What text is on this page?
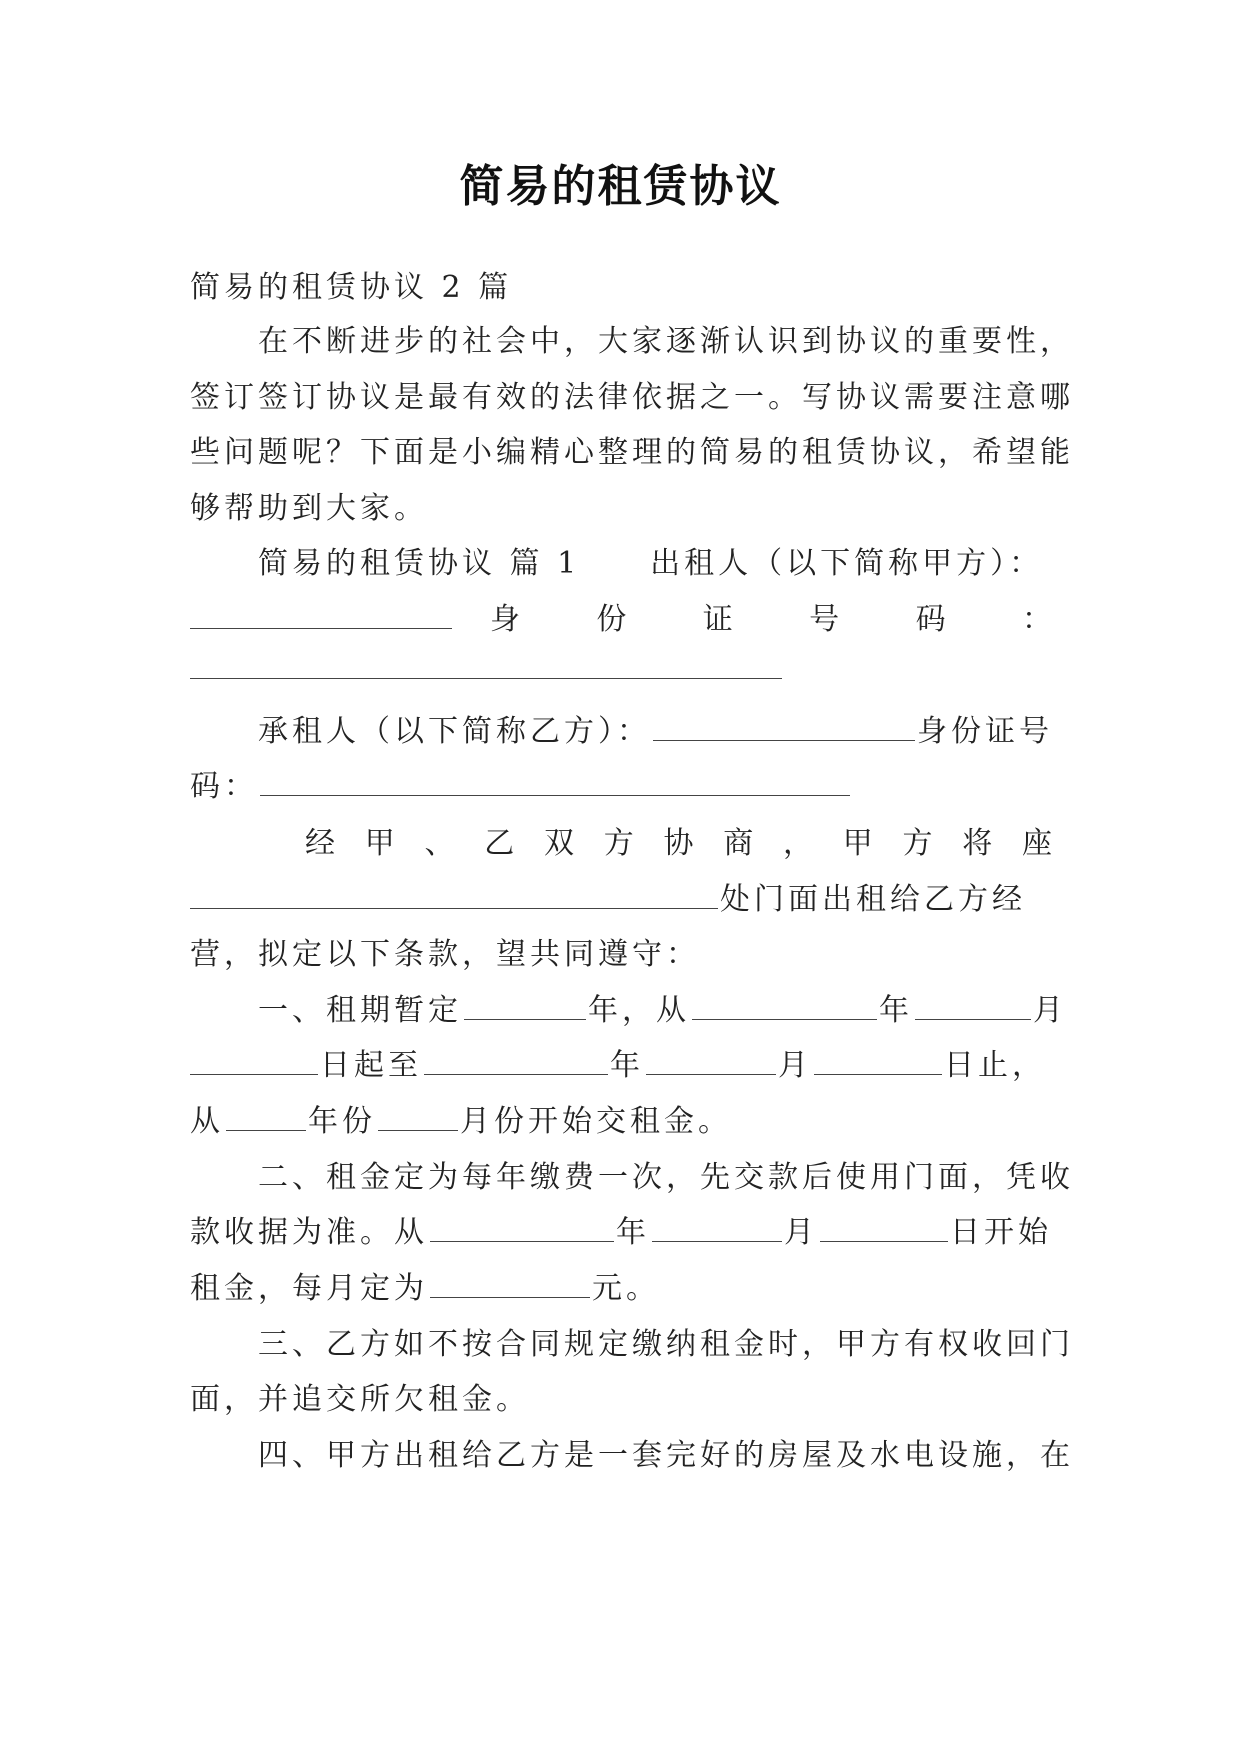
简易的租赁协议
简易的租赁协议 2 篇
在不断进步的社会中，大家逐渐认识到协议的重要性，
签订签订协议是最有效的法律依据之一。写协议需要注意哪
些问题呢？下面是小编精心整理的简易的租赁协议，希望能
够帮助到大家。
简易的租赁协议 篇 1 出租人（以下简称甲方）：
身	份	证	号	码	：
承租人（以下简称乙方）：	身份证号
码：
经 甲 、 乙 双 方 协 商 ， 甲 方 将 座
处门面出租给乙方经
营，拟定以下条款，望共同遵守：
一、租期暂定	年，从	年	月
日起至	年	月	日止，
从	年份	月份开始交租金。
二、租金定为每年缴费一次，先交款后使用门面，凭收
款收据为准。从	年	月	日开始
租金，每月定为	元。
三、乙方如不按合同规定缴纳租金时，甲方有权收回门
面，并追交所欠租金。
四、甲方出租给乙方是一套完好的房屋及水电设施，在
